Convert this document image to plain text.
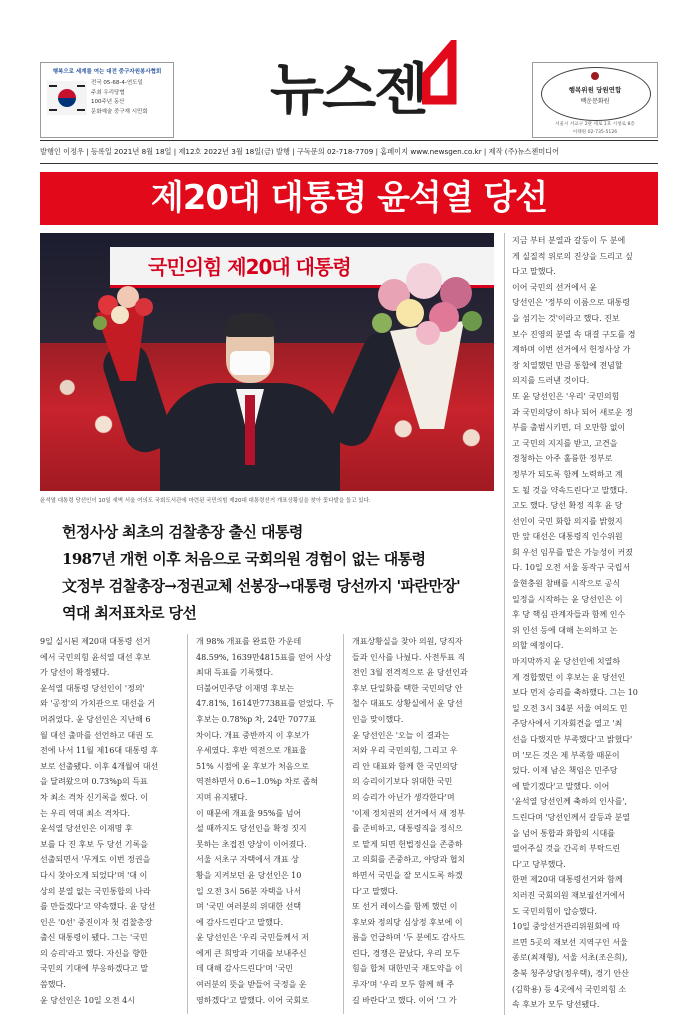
행복으로 세계를 여는 대전 중구자원봉사협회
전국 05-68-4-연도일
주최 우리당협
100주년 동산
문화예술 중구재 시민회	뉴스젠	행복위원 당원연합
백운문화원
서울시 서교구 2관 세로 1호 시청로 8층
이태원 02-735-5126
발행인 이정우 | 등록일 2021년 8월 18일 | 제12호 2022년 3월 18일(금) 발행 | 구독문의 02-718-7709 | 홈페이지 www.newsgen.co.kr | 제작 (주)뉴스젠미디어
제20대 대통령 윤석열 당선
국민의힘 제20대 대통령
윤석열 대통령 당선인이 10일 새벽 서울 여의도 국회도서관에 마련된 국민의힘 제20대 대통령선거 개표상황실을 찾아 꽃다발을 들고 있다.
헌정사상 최초의 검찰총장 출신 대통령
1987년 개헌 이후 처음으로 국회의원 경험이 없는 대통령
文정부 검찰총장→정권교체 선봉장→대통령 당선까지 '파란만장'
역대 최저표차로 당선

지금 부터 분열과 갈등이 두 분에

게 실질적 위로의 진상을 드리고 싶

다고 말했다.

이어 국민의 선거에서 윤

당선인은 '정부의 이름으로 대통령

을 섬기는 것'이라고 했다. 진보

보수 진영의 분열 속 대결 구도를 경

계하며 이번 선거에서 헌정사상 가

장 치열했던 만큼 통합에 전념할

의지를 드러낸 것이다.

또 윤 당선인은 '우리' 국민의힘

과 국민의당이 하나 되어 새로운 정

부를 출범시키면, 더 오만함 없이

고 국민의 지지를 받고, 고견을

경청하는 아주 훌륭한 정부로

정부가 되도록 함께 노력하고 계

도 될 것을 약속드린다'고 말했다.

고도 했다. 당선 확정 직후 윤 당

선인이 국민 화합 의지를 밝혔지

만 앞 대선은 대통령직 인수위원

회 우선 임무를 맡은 가능성이 커졌

다. 10일 오전 서울 동작구 국립서

울현충원 참배를 시작으로 공식

일정을 시작하는 윤 당선인은 이

후 당 핵심 관계자들과 함께 인수

위 인선 등에 대해 논의하고 논

의할 예정이다.

마지막까지 윤 당선인에 치열하

게 경합했던 이 후보는 윤 당선인

보다 먼저 승리를 축하했다. 그는 10

일 오전 3시 34분 서울 여의도 민

주당사에서 기자회견을 열고 '최

선을 다했지만 부족했다'고 밝혔다'

며 '모든 것은 제 부족함 때문이

었다. 이제 남은 책임은 민주당

에 맡기겠다'고 말했다. 이어

'윤석열 당선인께 축하의 인사를',

드린다며 '당선인께서 갈등과 분열

을 넘어 통합과 화합의 시대를

열어주실 것을 간곡히 부탁드린

다'고 당부했다.

한편 제20대 대통령선거와 함께

치러진 국회의원 재보궐선거에서

도 국민의힘이 압승했다.

10일 중앙선거관리위원회에 따

르면 5곳의 재보선 지역구인 서울

종로(최재형), 서울 서초(조은희),

충북 청주상당(정우택), 경기 안산

(김학용) 등 4곳에서 국민의힘 소

속 후보가 모두 당선됐다.

9일 실시된 제20대 대통령 선거

에서 국민의힘 윤석열 대선 후보

가 당선이 확정됐다.

윤석열 대통령 당선인이 '정의'

와 '공정'의 가치관으로 대선을 거

머쥐었다. 윤 당선인은 지난해 6

월 대선 출마를 선언하고 대권 도

전에 나서 11월 제16대 대통령 후

보로 선출됐다. 이후 4개월여 대선

을 달려왔으며 0.73%p의 득표

차 최소 격차 신기록을 썼다. 이

는 우리 역대 최소 격차다.

윤석열 당선인은 이재명 후

보를 다 진 후보 두 당선 기록을

선출되면서 '무게도 이번 정권을

다시 찾아오게 되었다'며 '대 이

상의 분열 없는 국민통합의 나라

를 만들겠다'고 약속했다. 윤 당선

인은 '0선' 중진이자 첫 검찰총장

출신 대통령이 됐다. 그는 '국민

의 승리'라고 했다. 자신을 향한

국민의 기대에 부응하겠다고 말

씀했다.

윤 당선인은 10일 오전 4시

개 98% 개표를 완료한 가운데

48.59%, 1639만4815표를 얻어 사상

최대 득표를 기록했다.

더불어민주당 이재명 후보는

47.81%, 1614만7738표를 얻었다. 두

후보는 0.78%p 차, 24만 7077표

차이다. 개표 중반까지 이 후보가

우세였다. 후반 역전으로 개표율

51% 시점에 윤 후보가 처음으로

역전하면서 0.6~1.0%p 차로 좁혀

지며 유지됐다.

이 때문에 개표율 95%를 넘어

설 때까지도 당선인을 확정 짓지

못하는 초접전 양상이 이어졌다.

서울 서초구 자택에서 개표 상

황을 지켜보던 윤 당선인은 10

일 오전 3시 56분 자택을 나서

며 '국민 여러분의 위대한 선택

에 감사드린다'고 말했다.

윤 당선인은 '우리 국민들께서 저

에게 큰 희망과 기대를 보내주신

데 대해 감사드린다'며 '국민

여러분의 뜻을 받들어 국정을 운

영하겠다'고 말했다. 이어 국회로

개표상황실을 찾아 의원, 당직자

들과 인사를 나눴다. 사전투표 직

전인 3월 전격적으로 윤 당선인과

후보 단일화를 택한 국민의당 안

철수 대표도 상황실에서 윤 당선

인을 맞이했다.

윤 당선인은 '오늘 이 결과는

저와 우리 국민의힘, 그리고 우

리 안 대표와 함께 한 국민의당

의 승리이기보다 위대한 국민

의 승리가 아닌가 생각한다'며

'이제 정치권의 선거에서 새 정부

를 준비하고, 대통령직을 정식으

로 맡게 되면 헌법정신을 존중하

고 의회를 존중하고, 야당과 협치

하면서 국민을 잘 모시도록 하겠

다'고 말했다.

또 선거 레이스를 함께 했던 이

후보와 정의당 심상정 후보에 이

름을 언급하며 '두 분에도 감사드

린다, 경쟁은 끝났다, 우리 모두

힘을 합쳐 대한민국 재도약을 이

루자'며 '우리 모두 함께 해 주

길 바란다'고 했다. 이어 '그 가
